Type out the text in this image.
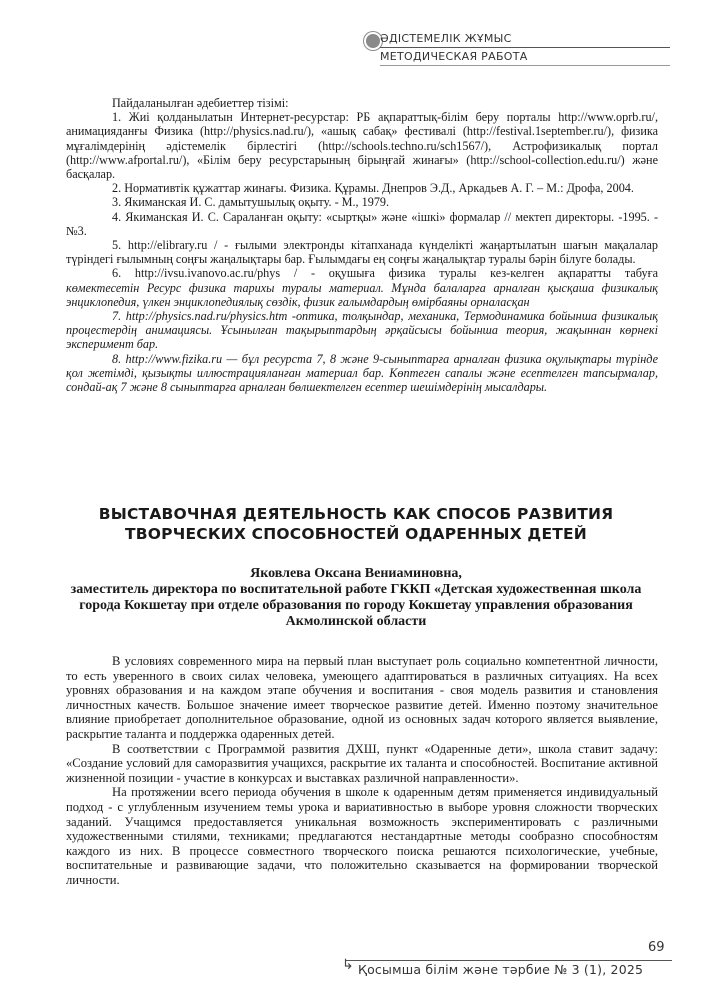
ӘДІСТЕМЕЛІК ЖҰМЫС
МЕТОДИЧЕСКАЯ РАБОТА

Пайдаланылған әдебиеттер тізімі:

1. Жиі қолданылатын Интернет-ресурстар: РБ ақпараттық-білім беру порталы http://www.oprb.ru/, анимацияданғы Физика (http://physics.nad.ru/), «ашық сабақ» фестивалі (http://festival.1september.ru/), физика мұғалімдерінің әдістемелік бірлестігі (http://schools.techno.ru/sch1567/), Астрофизикалық портал (http://www.afportal.ru/), «Білім беру ресурстарының бірыңғай жинағы» (http://school-collection.edu.ru/) және басқалар.

2. Нормативтік құжаттар жинағы. Физика. Құрамы. Днепров Э.Д., Аркадьев А. Г. – М.: Дрофа, 2004.

3. Якиманская И. С. дамытушылық оқыту. - М., 1979.

4. Якиманская И. С. Сараланған оқыту: «сыртқы» және «ішкі» формалар // мектеп директоры. -1995. - №3.

5. http://elibrary.ru / - ғылыми электронды кітапханада күнделікті жаңартылатын шағын мақалалар түріндегі ғылымның соңғы жаңалықтары бар. Ғылымдағы ең соңғы жаңалықтар туралы бәрін білуге болады.

6. http://ivsu.ivanovo.ac.ru/phys / - оқушыға физика туралы кез-келген ақпаратты табуға

көмектесетін Ресурс физика тарихы туралы материал. Мұнда балаларға арналған қысқаша физикалық энциклопедия, үлкен энциклопедиялық сөздік, физик ғалымдардың өмірбаяны орналасқан

7. http://physics.nad.ru/physics.htm -оптика, толқындар, механика, Термодинамика бойынша физикалық процестердің анимациясы. Ұсынылған тақырыптардың әрқайсысы бойынша теория, жақыннан көрнекі эксперимент бар.

8. http://www.fizika.ru — бұл ресурста 7, 8 және 9-сыныптарға арналған физика оқулықтары түрінде қол жетімді, қызықты иллюстрацияланған материал бар. Көптеген сапалы және есептелген тапсырмалар, сондай-ақ 7 және 8 сыныптарға арналған бөлшектелген есептер шешімдерінің мысалдары.

ВЫСТАВОЧНАЯ ДЕЯТЕЛЬНОСТЬ КАК СПОСОБ РАЗВИТИЯ ТВОРЧЕСКИХ СПОСОБНОСТЕЙ ОДАРЕННЫХ ДЕТЕЙ
Яковлева Оксана Вениаминовна,
заместитель директора по воспитательной работе ГККП «Детская художественная школа города Кокшетау при отделе образования по городу Кокшетау управления образования Акмолинской области

В условиях современного мира на первый план выступает роль социально компетентной личности, то есть уверенного в своих силах человека, умеющего адаптироваться в различных ситуациях. На всех уровнях образования и на каждом этапе обучения и воспитания - своя модель развития и становления личностных качеств. Большое значение имеет творческое развитие детей. Именно поэтому значительное влияние приобретает дополнительное образование, одной из основных задач которого является выявление, раскрытие таланта и поддержка одаренных детей.

В соответствии с Программой развития ДХШ, пункт «Одаренные дети», школа ставит задачу: «Создание условий для саморазвития учащихся, раскрытие их таланта и способностей. Воспитание активной жизненной позиции - участие в конкурсах и выставках различной направленности».

На протяжении всего периода обучения в школе к одаренным детям применяется индивидуальный подход - с углубленным изучением темы урока и вариативностью в выборе уровня сложности творческих заданий. Учащимся предоставляется уникальная возможность экспериментировать с различными художественными стилями, техниками; предлагаются нестандартные методы сообразно способностям каждого из них. В процессе совместного творческого поиска решаются психологические, учебные, воспитательные и развивающие задачи, что положительно сказывается на формировании творческой личности.

69
↳ Қосымша білім және тәрбие № 3 (1), 2025
